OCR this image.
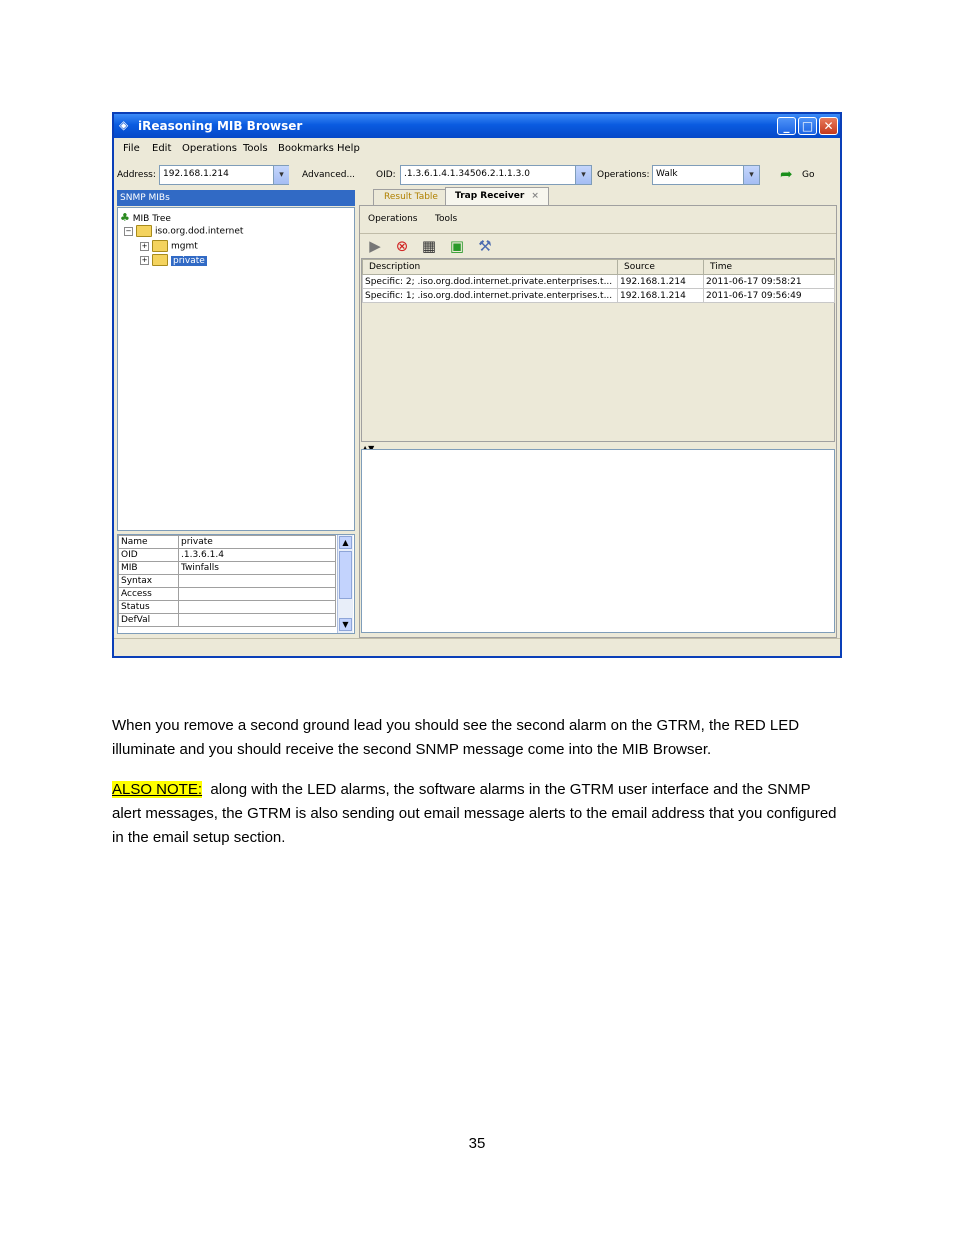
◈ iReasoning MIB Browser	_	□ ✕
File Edit Operations Tools Bookmarks Help
Address: 192.168.1.214	▾	Advanced... OID: .1.3.6.1.4.1.34506.2.1.1.3.0	▾	Operations: Walk	▾	➦ Go
SNMP MIBs
♣ MIB Tree
−	iso.org.dod.internet
+	mgmt
+	private
Name	private
OID	.1.3.6.1.4
MIB	Twinfalls
Syntax	
Access	
Status	
DefVal	
▲
▼
Result Table	Trap Receiver ×
Operations Tools
▶ ⊗ ▦ ▣ ⚒
Description	Source	Time
Specific: 2; .iso.org.dod.internet.private.enterprises.t...	192.168.1.214	2011-06-17 09:58:21
Specific: 1; .iso.org.dod.internet.private.enterprises.t...	192.168.1.214	2011-06-17 09:56:49
When you remove a second ground lead you should see the second alarm on the GTRM, the RED LED illuminate and you should receive the second SNMP message come into the MIB Browser.
ALSO NOTE: along with the LED alarms, the software alarms in the GTRM user interface and the SNMP alert messages, the GTRM is also sending out email message alerts to the email address that you configured in the email setup section.
35
